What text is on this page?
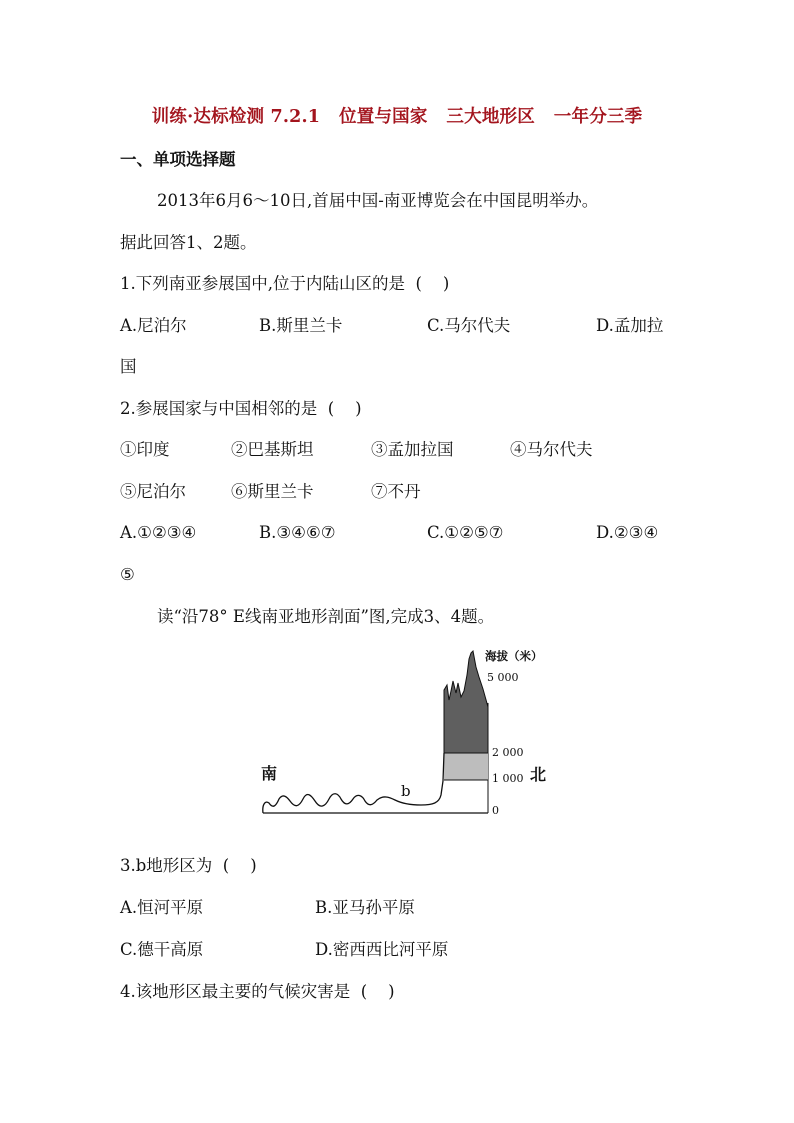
训练·达标检测 7.2.1   位置与国家   三大地形区   一年分三季
一、单项选择题
2013年6月6～10日,首届中国-南亚博览会在中国昆明举办。
据此回答1、2题。
1.下列南亚参展国中,位于内陆山区的是  (    )
A.尼泊尔	B.斯里兰卡	C.马尔代夫	D.孟加拉
国
2.参展国家与中国相邻的是  (    )
①印度	②巴基斯坦	③孟加拉国	④马尔代夫
⑤尼泊尔	⑥斯里兰卡	⑦不丹
A.①②③④	B.③④⑥⑦	C.①②⑤⑦	D.②③④
⑤
读“沿78° E线南亚地形剖面”图,完成3、4题。
海拔（米）
5 000
2 000
1 000
0
南	北
b
3.b地形区为  (    )
A.恒河平原	B.亚马孙平原
C.德干高原	D.密西西比河平原
4.该地形区最主要的气候灾害是  (    )
